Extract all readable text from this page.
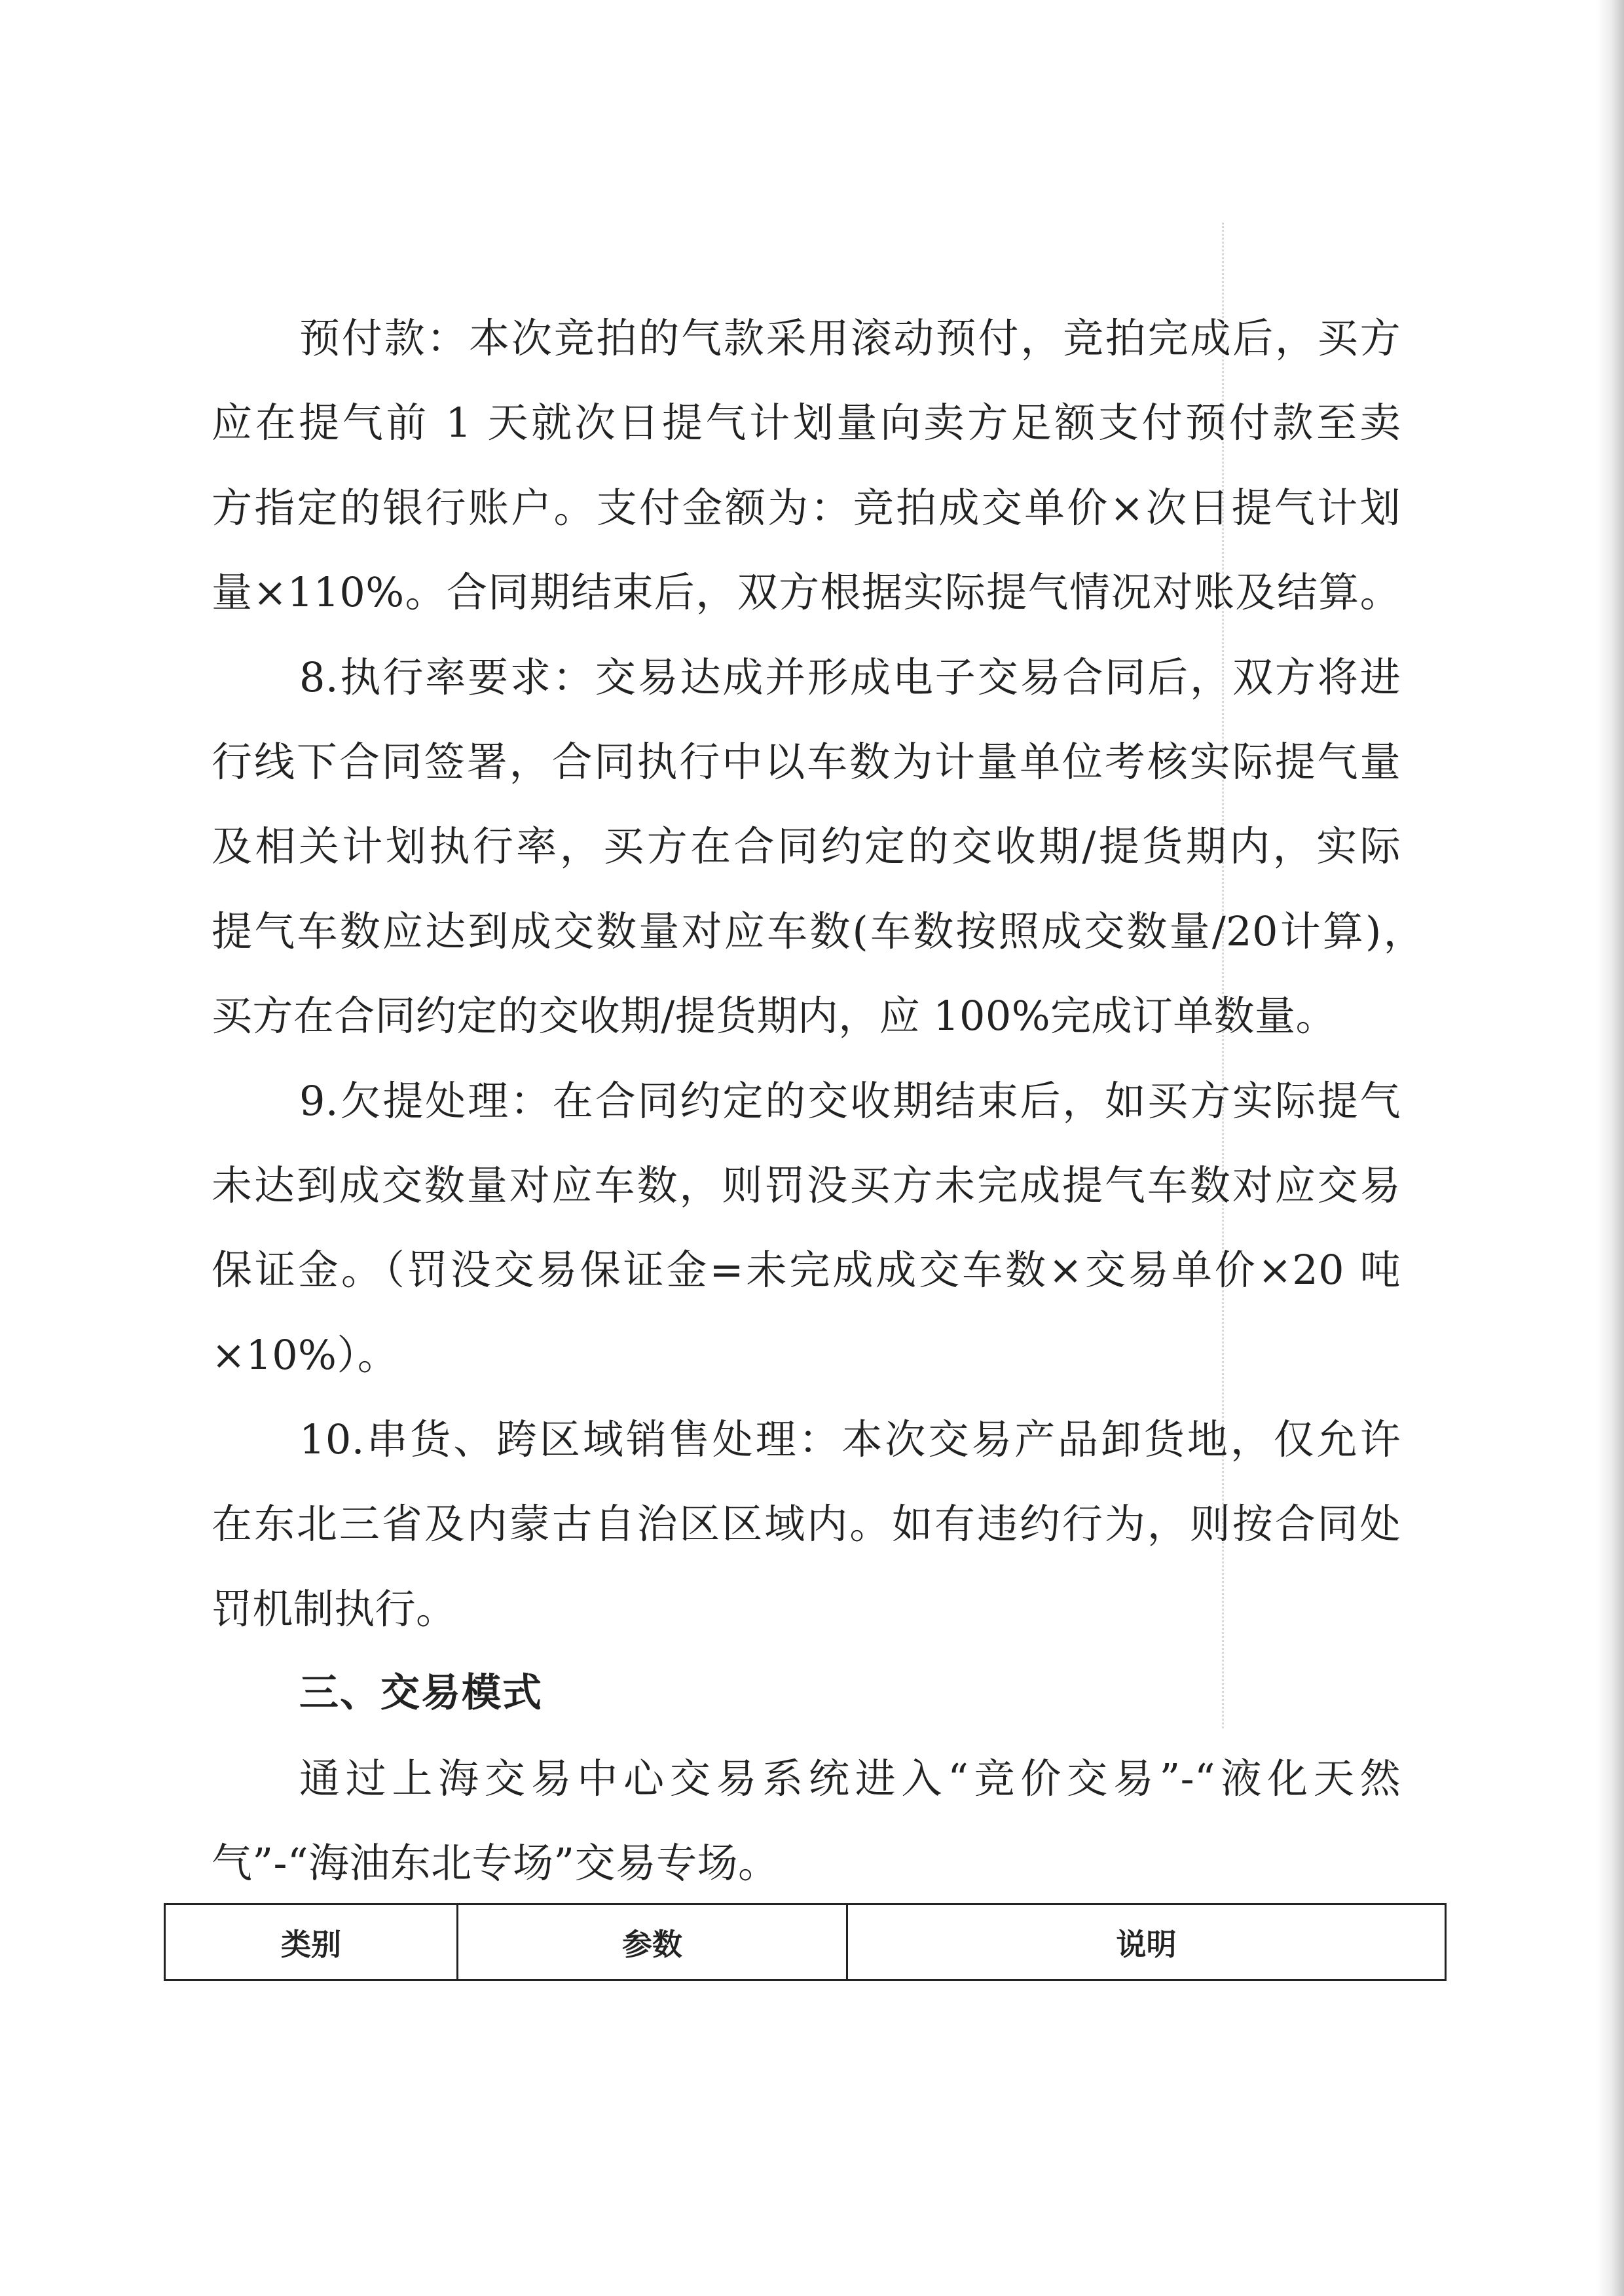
预付款：本次竞拍的气款采用滚动预付，竞拍完成后，买方
应在提气前 1 天就次日提气计划量向卖方足额支付预付款至卖
方指定的银行账户。支付金额为：竞拍成交单价×次日提气计划
量×110%。合同期结束后，双方根据实际提气情况对账及结算。
8.执行率要求：交易达成并形成电子交易合同后，双方将进
行线下合同签署，合同执行中以车数为计量单位考核实际提气量
及相关计划执行率，买方在合同约定的交收期/提货期内，实际
提气车数应达到成交数量对应车数(车数按照成交数量/20计算)，
买方在合同约定的交收期/提货期内，应 100%完成订单数量。
9.欠提处理：在合同约定的交收期结束后，如买方实际提气
未达到成交数量对应车数，则罚没买方未完成提气车数对应交易
保证金。（罚没交易保证金=未完成成交车数×交易单价×20 吨
×10%）。
10.串货、跨区域销售处理：本次交易产品卸货地，仅允许
在东北三省及内蒙古自治区区域内。如有违约行为，则按合同处
罚机制执行。
三、交易模式
通过上海交易中心交易系统进入“竞价交易”-“液化天然
气”-“海油东北专场”交易专场。
类别	参数	说明
